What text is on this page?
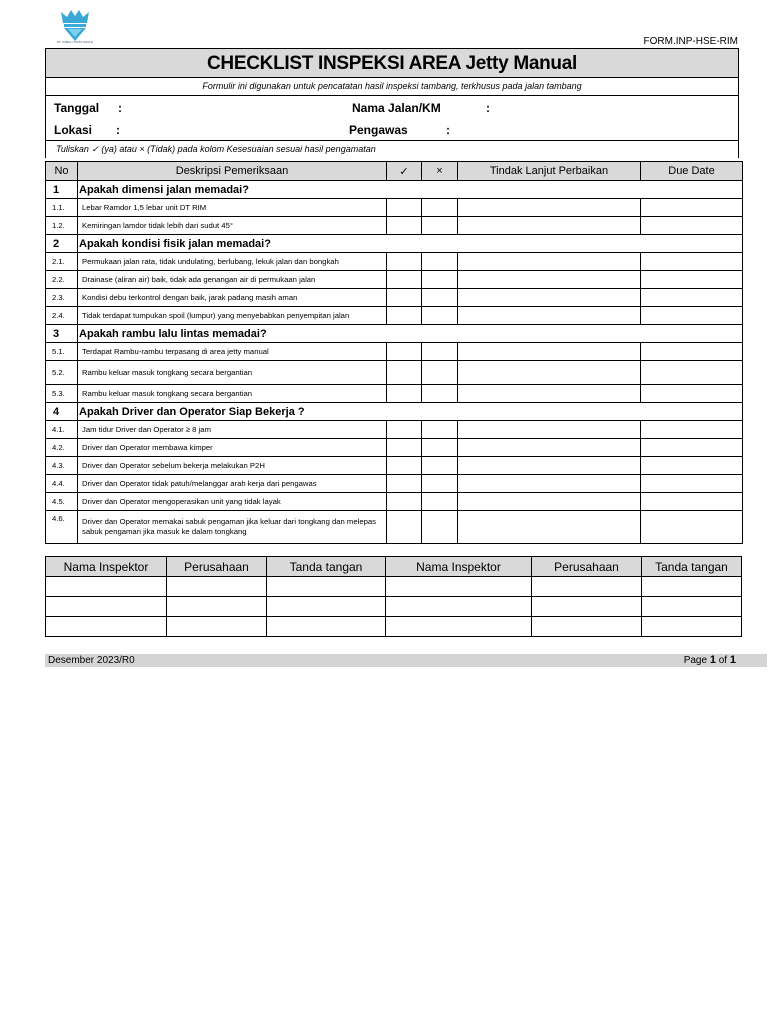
PT. RIMAU TIRTA INDAH	FORM.INP-HSE-RIM
CHECKLIST INSPEKSI AREA Jetty Manual
Formulir ini digunakan untuk pencatatan hasil inspeksi tambang, terkhusus pada jalan tambang
Tanggal :	Nama Jalan/KM	:
Lokasi :	Pengawas	:
Tuliskan ✓ (ya) atau × (Tidak) pada kolom Kesesuaian sesuai hasil pengamatan
No	Deskripsi Pemeriksaan	✓	×	Tindak Lanjut Perbaikan	Due Date
1	Apakah dimensi jalan memadai?				
1.1.	Lebar Ramdor 1,5 lebar unit DT RIM				
1.2.	Kemiringan lamdor tidak lebih dari sudut 45°				
2	Apakah kondisi fisik jalan memadai?				
2.1.	Permukaan jalan rata, tidak undulating, berlubang, lekuk jalan dan bongkah				
2.2.	Drainase (aliran air) baik, tidak ada genangan air di permukaan jalan				
2.3.	Kondisi debu terkontrol dengan baik, jarak padang masih aman				
2.4.	Tidak terdapat tumpukan spoil (lumpur) yang menyebabkan penyempitan jalan				
3	Apakah rambu lalu lintas memadai?				
5.1.	Terdapat Rambu-rambu terpasang di area jetty manual				
5.2.	Rambu keluar masuk tongkang secara bergantian				
5.3.	Rambu keluar masuk tongkang secara bergantian				
4	Apakah Driver dan Operator Siap Bekerja ?				
4.1.	Jam tidur Driver dan Operator ≥ 8 jam				
4.2.	Driver dan Operator membawa kimper				
4.3.	Driver dan Operator sebelum bekerja melakukan P2H				
4.4.	Driver dan Operator tidak patuh/melanggar arah kerja dari pengawas				
4.5.	Driver dan Operator mengoperasikan unit yang tidak layak				
4.6.	Driver dan Operator memakai sabuk pengaman jika keluar dari tongkang dan melepas sabuk pengaman jika masuk ke dalam tongkang				
Nama Inspektor	Perusahaan	Tanda tangan	Nama Inspektor	Perusahaan	Tanda tangan

Desember 2023/R0	Page 1 of 1
